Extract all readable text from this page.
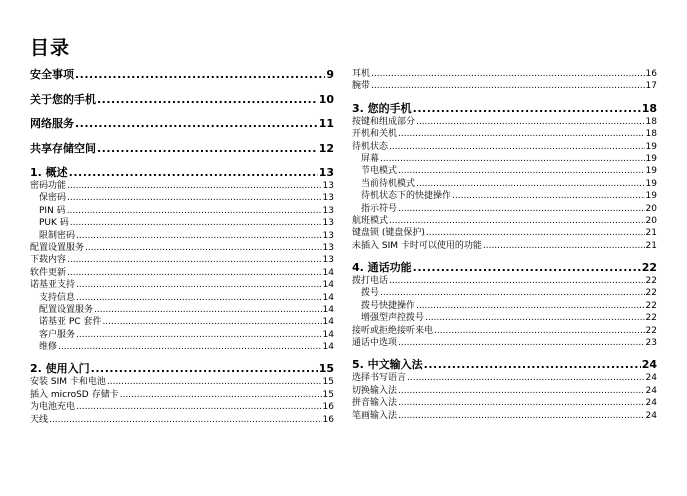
目录
安全事项 .....	9
关于您的手机 .....	10
网络服务 .....	11
共享存储空间 .....	12
1. 概述 .....	13
密码功能 .....	13
保密码 .....	13
PIN 码 .....	13
PUK 码 .....	13
限制密码 .....	13
配置设置服务 .....	13
下载内容 .....	13
软件更新 .....	14
诺基亚支持 .....	14
支持信息 .....	14
配置设置服务 .....	14
诺基亚 PC 套件 .....	14
客户服务 .....	14
维修 .....	14
2. 使用入门 .....	15
安装 SIM 卡和电池 .....	15
插入 microSD 存储卡 .....	15
为电池充电 .....	16
天线 .....	16
耳机 .....	16
腕带 .....	17
3. 您的手机 .....	18
按键和组成部分 .....	18
开机和关机 .....	18
待机状态 .....	19
屏幕 .....	19
节电模式 .....	19
当前待机模式 .....	19
待机状态下的快捷操作 .....	19
指示符号 .....	20
航班模式 .....	20
键盘锁 (键盘保护) .....	21
未插入 SIM 卡时可以使用的功能 .....	21
4. 通话功能 .....	22
拨打电话 .....	22
拨号 .....	22
拨号快捷操作 .....	22
增强型声控拨号 .....	22
接听或拒绝接听来电 .....	22
通话中选项 .....	23
5. 中文输入法 .....	24
选择书写语言 .....	24
切换输入法 .....	24
拼音输入法 .....	24
笔画输入法 .....	24
